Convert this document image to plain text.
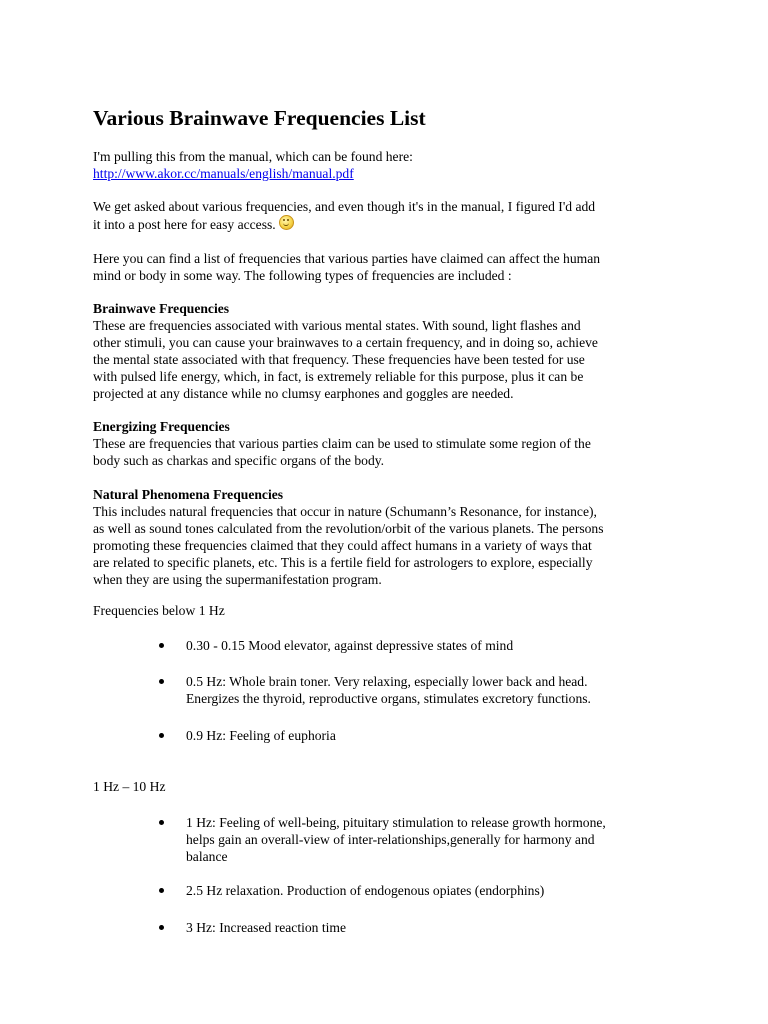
Various Brainwave Frequencies List
I'm pulling this from the manual, which can be found here:
http://www.akor.cc/manuals/english/manual.pdf
We get asked about various frequencies, and even though it's in the manual, I figured I'd add
it into a post here for easy access.
Here you can find a list of frequencies that various parties have claimed can affect the human
mind or body in some way. The following types of frequencies are included :
Brainwave Frequencies
These are frequencies associated with various mental states. With sound, light flashes and
other stimuli, you can cause your brainwaves to a certain frequency, and in doing so, achieve
the mental state associated with that frequency. These frequencies have been tested for use
with pulsed life energy, which, in fact, is extremely reliable for this purpose, plus it can be
projected at any distance while no clumsy earphones and goggles are needed.
Energizing Frequencies
These are frequencies that various parties claim can be used to stimulate some region of the
body such as charkas and specific organs of the body.
Natural Phenomena Frequencies
This includes natural frequencies that occur in nature (Schumann’s Resonance, for instance),
as well as sound tones calculated from the revolution/orbit of the various planets. The persons
promoting these frequencies claimed that they could affect humans in a variety of ways that
are related to specific planets, etc. This is a fertile field for astrologers to explore, especially
when they are using the supermanifestation program.
Frequencies below 1 Hz
0.30 - 0.15 Mood elevator, against depressive states of mind
0.5 Hz: Whole brain toner. Very relaxing, especially lower back and head.
Energizes the thyroid, reproductive organs, stimulates excretory functions.
0.9 Hz: Feeling of euphoria
1 Hz – 10 Hz
1 Hz: Feeling of well-being, pituitary stimulation to release growth hormone,
helps gain an overall-view of inter-relationships,generally for harmony and
balance
2.5 Hz relaxation. Production of endogenous opiates (endorphins)
3 Hz: Increased reaction time
